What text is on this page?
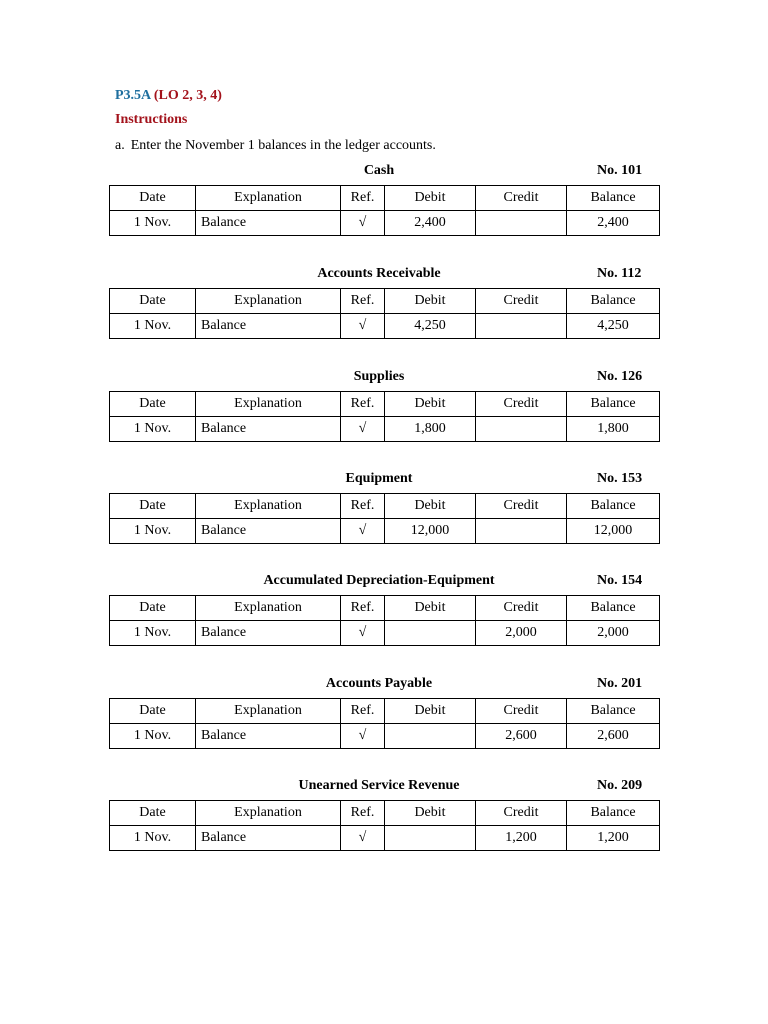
P3.5A (LO 2, 3, 4)
Instructions
a. Enter the November 1 balances in the ledger accounts.
Cash	No. 101
Date	Explanation	Ref.	Debit	Credit	Balance
1 Nov.	Balance	√	2,400		2,400
Accounts Receivable	No. 112
Date	Explanation	Ref.	Debit	Credit	Balance
1 Nov.	Balance	√	4,250		4,250
Supplies	No. 126
Date	Explanation	Ref.	Debit	Credit	Balance
1 Nov.	Balance	√	1,800		1,800
Equipment	No. 153
Date	Explanation	Ref.	Debit	Credit	Balance
1 Nov.	Balance	√	12,000		12,000
Accumulated Depreciation-Equipment	No. 154
Date	Explanation	Ref.	Debit	Credit	Balance
1 Nov.	Balance	√		2,000	2,000
Accounts Payable	No. 201
Date	Explanation	Ref.	Debit	Credit	Balance
1 Nov.	Balance	√		2,600	2,600
Unearned Service Revenue	No. 209
Date	Explanation	Ref.	Debit	Credit	Balance
1 Nov.	Balance	√		1,200	1,200
